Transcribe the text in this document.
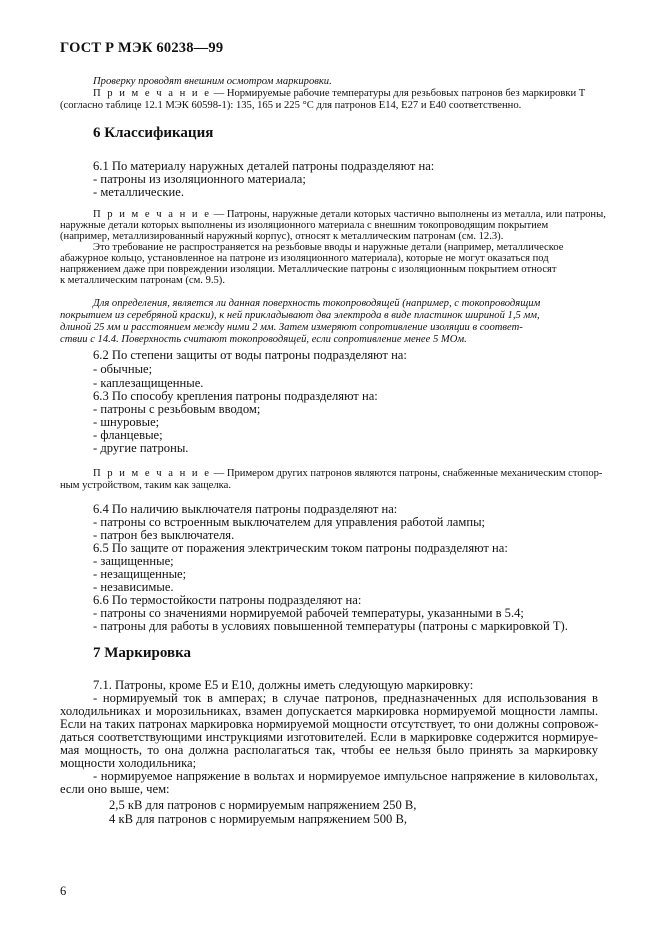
ГОСТ Р МЭК 60238—99
Проверку проводят внешним осмотром маркировки.
П р и м е ч а н и е — Нормируемые рабочие температуры для резьбовых патронов без маркировки T
(согласно таблице 12.1 МЭК 60598-1): 135, 165 и 225 °С для патронов Е14, Е27 и Е40 соответственно.
6 Классификация
6.1 По материалу наружных деталей патроны подразделяют на:
- патроны из изоляционного материала;
- металлические.
П р и м е ч а н и е — Патроны, наружные детали которых частично выполнены из металла, или патроны,
наружные детали которых выполнены из изоляционного материала с внешним токопроводящим покрытием
(например, металлизированный наружный корпус), относят к металлическим патронам (см. 12.3).
Это требование не распространяется на резьбовые вводы и наружные детали (например, металлическое
абажурное кольцо, установленное на патроне из изоляционного материала), которые не могут оказаться под
напряжением даже при повреждении изоляции. Металлические патроны с изоляционным покрытием относят
к металлическим патронам (см. 9.5).
Для определения, является ли данная поверхность токопроводящей (например, с токопроводящим
покрытием из серебряной краски), к ней прикладывают два электрода в виде пластинок шириной 1,5 мм,
длиной 25 мм и расстоянием между ними 2 мм. Затем измеряют сопротивление изоляции в соответ-
ствии с 14.4. Поверхность считают токопроводящей, если сопротивление менее 5 МОм.
6.2 По степени защиты от воды патроны подразделяют на:
- обычные;
- каплезащищенные.
6.3 По способу крепления патроны подразделяют на:
- патроны с резьбовым вводом;
- шнуровые;
- фланцевые;
- другие патроны.
П р и м е ч а н и е — Примером других патронов являются патроны, снабженные механическим стопор-
ным устройством, таким как защелка.
6.4 По наличию выключателя патроны подразделяют на:
- патроны со встроенным выключателем для управления работой лампы;
- патрон без выключателя.
6.5 По защите от поражения электрическим током патроны подразделяют на:
- защищенные;
- незащищенные;
- независимые.
6.6 По термостойкости патроны подразделяют на:
- патроны со значениями нормируемой рабочей температуры, указанными в 5.4;
- патроны для работы в условиях повышенной температуры (патроны с маркировкой T).
7 Маркировка
7.1. Патроны, кроме Е5 и Е10, должны иметь следующую маркировку:
- нормируемый ток в амперах; в случае патронов, предназначенных для использования в
холодильниках и морозильниках, взамен допускается маркировка нормируемой мощности лампы.
Если на таких патронах маркировка нормируемой мощности отсутствует, то они должны сопровож-
даться соответствующими инструкциями изготовителей. Если в маркировке содержится нормируе-
мая мощность, то она должна располагаться так, чтобы ее нельзя было принять за маркировку
мощности холодильника;
- нормируемое напряжение в вольтах и нормируемое импульсное напряжение в киловольтах,
если оно выше, чем:
2,5 кВ для патронов с нормируемым напряжением 250 В,
4 кВ для патронов с нормируемым напряжением 500 В,
6
